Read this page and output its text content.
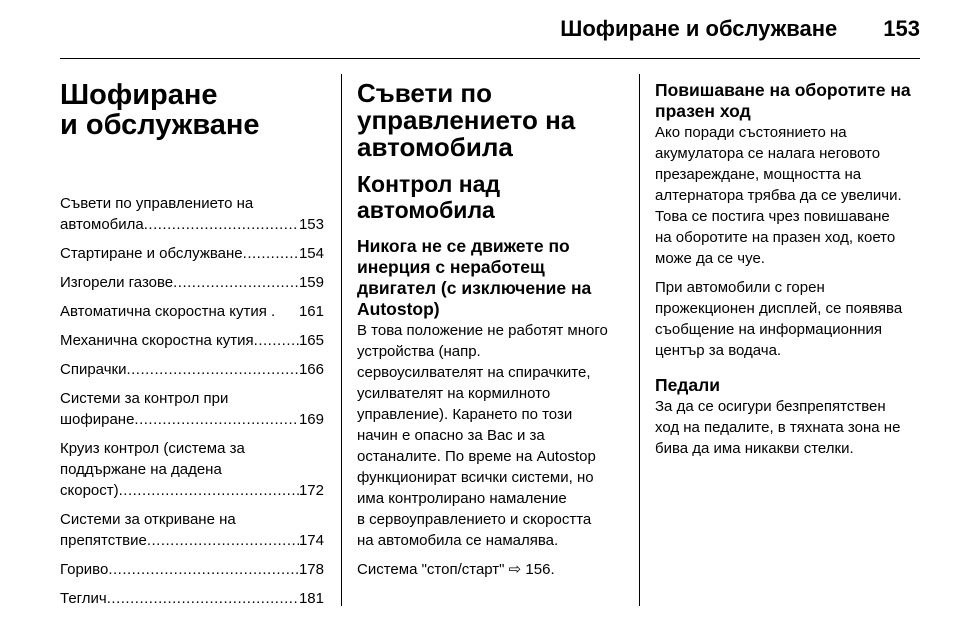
Шофиране и обслужване 153
Шофиране
и обслужване
Съвети по управлението на
автомобила .....	153
Стартиране и обслужване .....	154
Изгорели газове .....	159
Автоматична скоростна кутия . 161
Механична скоростна кутия .....	165
Спирачки .....	166
Системи за контрол при
шофиране .....	169
Круиз контрол (система за
поддържане на дадена
скорост) .....	172
Системи за откриване на
препятствие .....	174
Гориво .....	178
Теглич .....	181
Съвети по
управлението на
автомобила
Контрол над автомобила
Никога не се движете по
инерция с неработещ
двигател (с изключение на
Autostop)

В това положение не работят много
устройства (напр.
сервоусилвателят на спирачките,
усилвателят на кормилното
управление). Карането по този
начин е опасно за Вас и за
останалите. По време на Autostop
функционират всички системи, но
има контролирано намаление
в сервоуправлението и скоростта
на автомобила се намалява.

Система "стоп/старт" ⇨ 156.

Повишаване на оборотите на
празен ход

Ако поради състоянието на
акумулатора се налага неговото
презареждане, мощността на
алтернатора трябва да се увеличи.
Това се постига чрез повишаване
на оборотите на празен ход, което
може да се чуе.

При автомобили с горен
прожекционен дисплей, се появява
съобщение на информационния
център за водача.

Педали

За да се осигури безпрепятствен
ход на педалите, в тяхната зона не
бива да има никакви стелки.
